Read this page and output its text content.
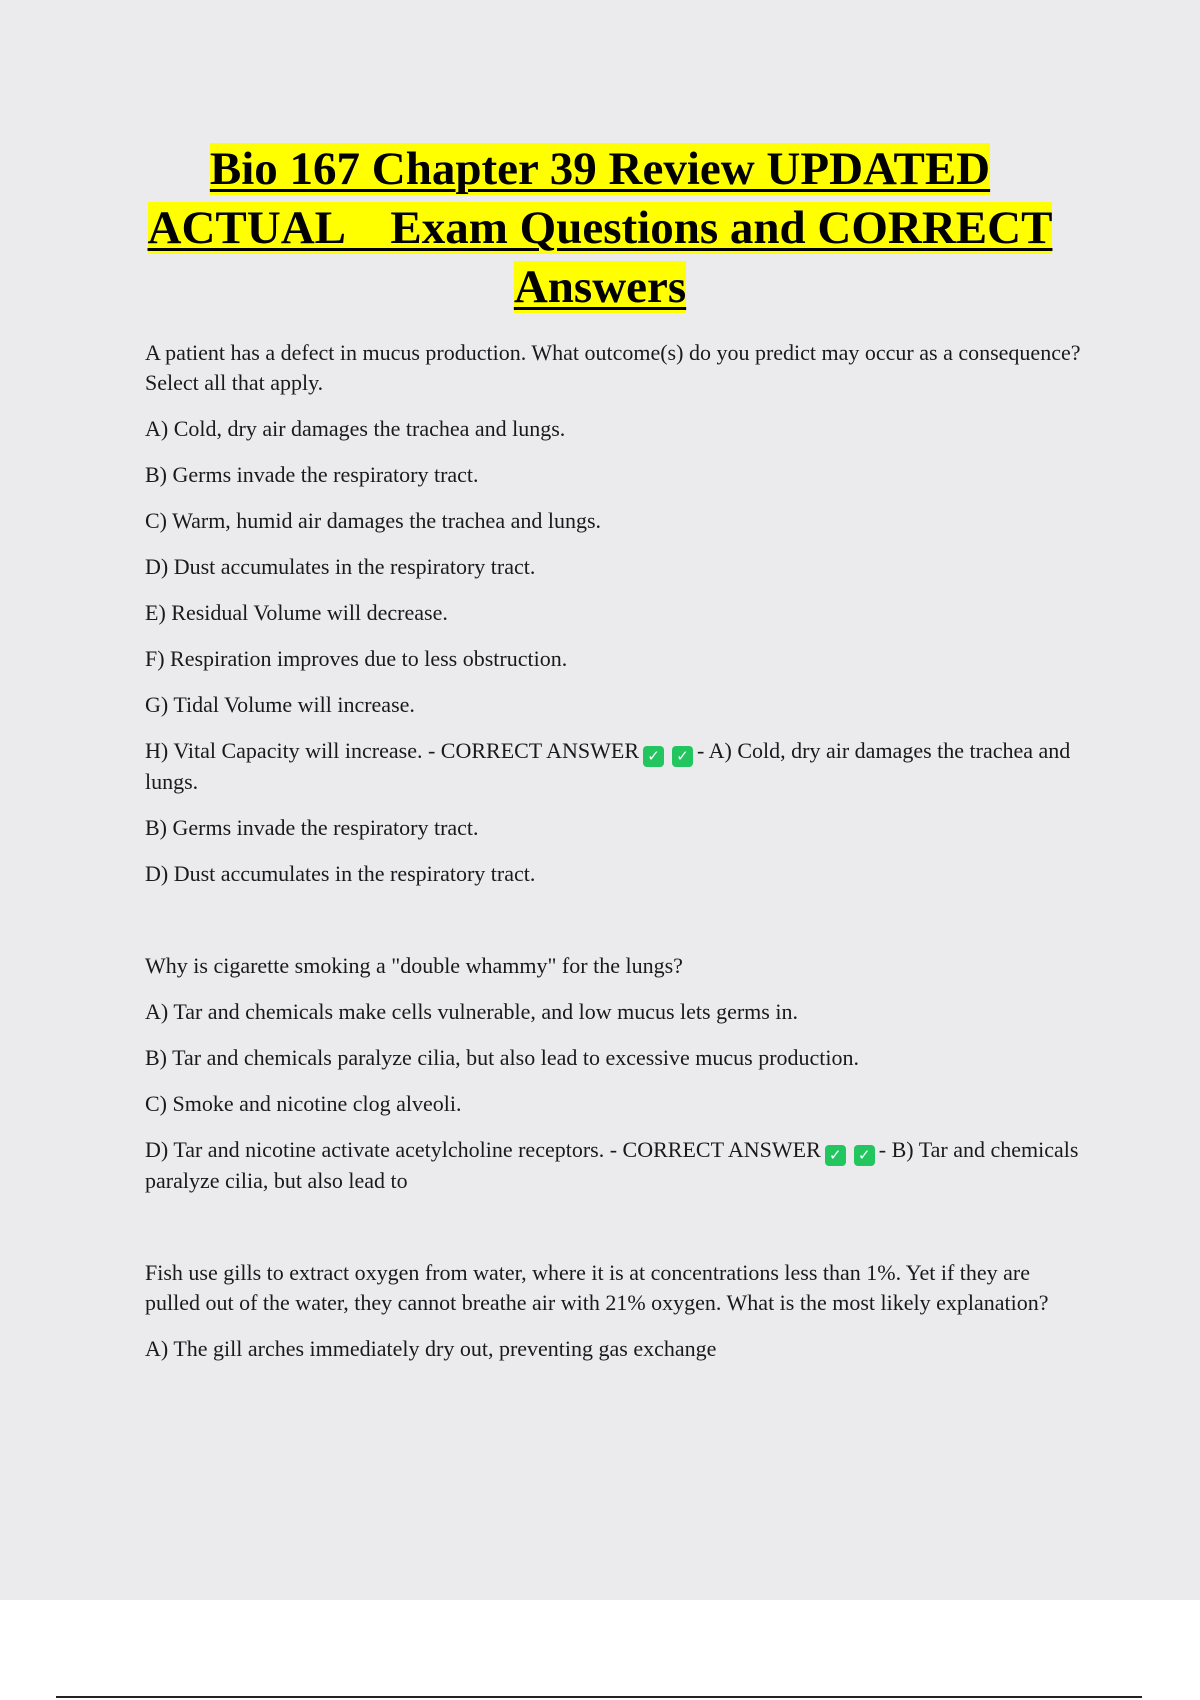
Bio 167 Chapter 39 Review UPDATED
ACTUAL    Exam Questions and CORRECT
Answers

A patient has a defect in mucus production. What outcome(s) do you predict may occur as a consequence? Select all that apply.

A) Cold, dry air damages the trachea and lungs.

B) Germs invade the respiratory tract.

C) Warm, humid air damages the trachea and lungs.

D) Dust accumulates in the respiratory tract.

E) Residual Volume will decrease.

F) Respiration improves due to less obstruction.

G) Tidal Volume will increase.

H) Vital Capacity will increase. - CORRECT ANSWER ✓ ✓ - A) Cold, dry air damages the trachea and lungs.

B) Germs invade the respiratory tract.

D) Dust accumulates in the respiratory tract.

Why is cigarette smoking a "double whammy" for the lungs?

A) Tar and chemicals make cells vulnerable, and low mucus lets germs in.

B) Tar and chemicals paralyze cilia, but also lead to excessive mucus production.

C) Smoke and nicotine clog alveoli.

D) Tar and nicotine activate acetylcholine receptors. - CORRECT ANSWER ✓ ✓ - B) Tar and chemicals paralyze cilia, but also lead to

Fish use gills to extract oxygen from water, where it is at concentrations less than 1%. Yet if they are pulled out of the water, they cannot breathe air with 21% oxygen. What is the most likely explanation?

A) The gill arches immediately dry out, preventing gas exchange
